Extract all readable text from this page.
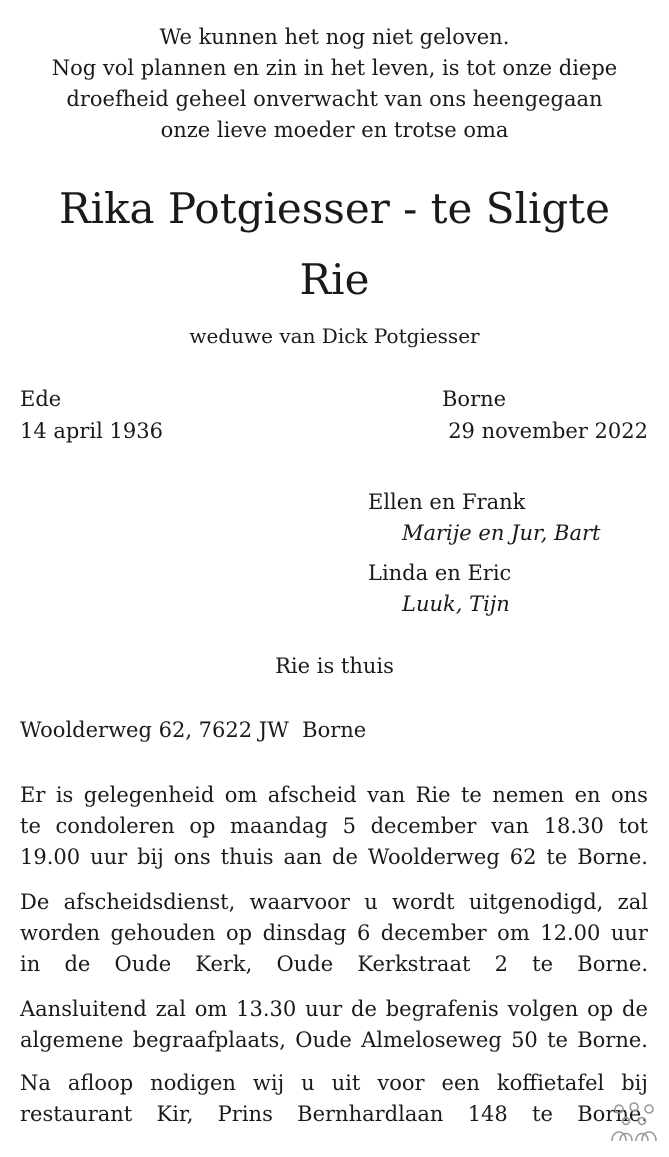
We kunnen het nog niet geloven.
Nog vol plannen en zin in het leven, is tot onze diepe
droefheid geheel onverwacht van ons heengegaan
onze lieve moeder en trotse oma
Rika Potgiesser - te Sligte
Rie
weduwe van Dick Potgiesser
Ede
14 april 1936
Borne
29 november 2022
Ellen en Frank
Marije en Jur, Bart
Linda en Eric
Luuk, Tijn
Rie is thuis
Woolderweg 62, 7622 JW  Borne
Er is gelegenheid om afscheid van Rie te nemen en ons
te condoleren op maandag 5 december van 18.30 tot
19.00 uur bij ons thuis aan de Woolderweg 62 te Borne.
De afscheidsdienst, waarvoor u wordt uitgenodigd, zal
worden gehouden op dinsdag 6 december om 12.00 uur
in de Oude Kerk, Oude Kerkstraat 2 te Borne.
Aansluitend zal om 13.30 uur de begrafenis volgen op de
algemene begraafplaats, Oude Almeloseweg 50 te Borne.
Na afloop nodigen wij u uit voor een koffietafel bij
restaurant Kir, Prins Bernhardlaan 148 te Borne.
